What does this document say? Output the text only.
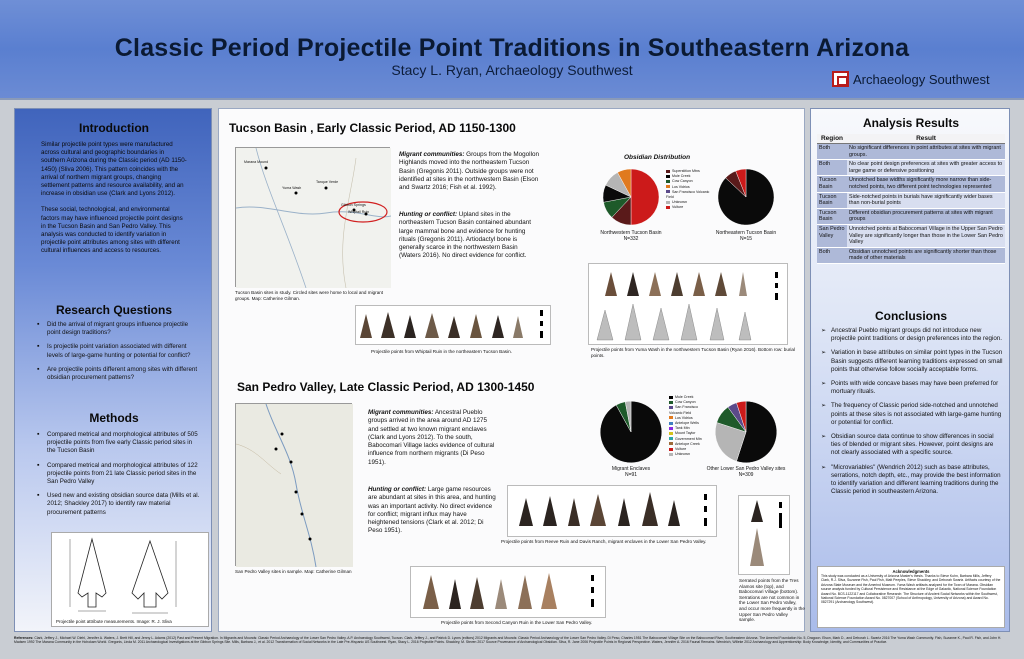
Classic Period Projectile Point Traditions in Southeastern Arizona
Stacy L. Ryan, Archaeology Southwest
Archaeology Southwest
Introduction

Similar projectile point types were manufactured across cultural and geographic boundaries in southern Arizona during the Classic period (AD 1150-1450) (Sliva 2006). This pattern coincides with the arrival of northern migrant groups, changing settlement patterns and resource availability, and an increase in obsidian use (Clark and Lyons 2012).

These social, technological, and environmental factors may have influenced projectile point designs in the Tucson Basin and San Pedro Valley. This analysis was conducted to identify variation in projectile point attributes among sites with different cultural influences and access to resources.

Research Questions
▪ Did the arrival of migrant groups influence projectile point design traditions?
▪ Is projectile point variation associated with different levels of large-game hunting or potential for conflict?
▪ Are projectile points different among sites with different obsidian procurement patterns?
Methods
▪ Compared metrical and morphological attributes of 505 projectile points from five early Classic period sites in the Tucson Basin
▪ Compared metrical and morphological attributes of 122 projectile points from 21 late Classic period sites in the San Pedro Valley
▪ Used new and existing obsidian source data (Mills et al. 2012; Shackley 2017) to identify raw material procurement patterns
Projectile point attribute measurements. Image: R. J. Sliva
Tucson Basin , Early Classic Period, AD 1150-1300
Gibbon Springs
Whiptail Ruin
Marana Mound
Yuma Wash
Tanque Verde
Tucson Basin sites in study. Circled sites were home to local and migrant groups. Map: Catherine Gilman.
Migrant communities: Groups from the Mogollon Highlands moved into the northeastern Tucson Basin (Gregonis 2011). Outside groups were not identified at sites in the northwestern Basin (Elson and Swartz 2016; Fish et al. 1992).
Hunting or conflict: Upland sites in the northeastern Tucson Basin contained abundant large mammal bone and evidence for hunting rituals (Gregonis 2011). Artiodactyl bone is generally scarce in the northwestern Basin (Waters 2016). No direct evidence for conflict.
Obsidian Distribution
Superstition Mtns
Mule Creek
Cow Canyon
Los Vidrios
San Francisco Volcanic Field
Unknown
Vulture
Northwestern Tucson Basin
N=332
Northeastern Tucson Basin
N=15
Projectile points from Whiptail Ruin in the northeastern Tucson Basin.	Projectile points from Yuma Wash in the northwestern Tucson Basin (Ryan 2016). Bottom row: burial points.
San Pedro Valley, Late Classic Period, AD 1300-1450
San Pedro Valley sites in sample. Map: Catherine Gilman
Migrant communities: Ancestral Pueblo groups arrived in the area around AD 1275 and settled at two known migrant enclaves (Clark and Lyons 2012). To the south, Babocomari Village lacks evidence of cultural influence from northern migrants (Di Peso 1951).
Hunting or conflict: Large game resources are abundant at sites in this area, and hunting was an important activity. No direct evidence for conflict; migrant influx may have heightened tensions (Clark et al. 2012; Di Peso 1951).
Mule Creek
Cow Canyon
San Francisco Volcanic Field
Los Vidrios
Antelope Wells
Tank Mtn
Mount Taylor
Government Mtn
Antelope Creek
Vulture
Unknown
Migrant Enclaves
N=91
Other Lower San Pedro Valley sites
N=309
Projectile points from Reeve Ruin and Davis Ranch, migrant enclaves in the Lower San Pedro Valley.
Serrated points from the Tres Alamos site (top), and Babocomari Village (bottom). Serrations are not common in the Lower San Pedro Valley, and occur more frequently in the Upper San Pedro Valley sample.
Projectile points from Second Canyon Ruin in the Lower San Pedro Valley.
Analysis Results
Region	Result
Both	No significant differences in point attributes at sites with migrant groups.
Both	No clear point design preferences at sites with greater access to large game or defensive positioning
Tucson Basin	Unnotched base widths significantly more narrow than side-notched points, two different point technologies represented
Tucson Basin	Side-notched points in burials have significantly wider bases than non-burial points
Tucson Basin	Different obsidian procurement patterns at sites with migrant groups
San Pedro Valley	Unnotched points at Babocomari Village in the Upper San Pedro Valley are significantly longer than those in the Lower San Pedro Valley
Both	Obsidian unnotched points are significantly shorter than those made of other materials
Conclusions
➢ Ancestral Pueblo migrant groups did not introduce new projectile point traditions or design preferences into the region.
➢ Variation in base attributes on similar point types in the Tucson Basin suggests different learning traditions expressed on small points that otherwise follow socially acceptable forms.
➢ Points with wide concave bases may have been preferred for mortuary rituals.
➢ The frequency of Classic period side-notched and unnotched points at these sites is not associated with large-game hunting or potential for conflict.
➢ Obsidian source data continue to show differences in social ties of blended or migrant sites. However, point designs are not clearly associated with a specific source.
➢ "Microvariables" (Wendrich 2012) such as base attributes, serrations, notch depth, etc., may provide the best information to identify variation and different learning traditions during the Classic period in southeastern Arizona.
Acknowledgments
This study was conducted as a University of Arizona Master's thesis. Thanks to Steve Kuhn, Barbara Mills, Jeffery Clark, R.J. Sliva, Suzanne Fish, Paul Fish, Matt Peeples, Steve Shackley, and Deborah Swartz. Artifacts courtesy of the Arizona State Museum and the Amerind Museum. Yuma Wash artifacts analyzed for the Town of Marana. Obsidian source analysis funded by Cultural Persistence and Resistance at the Edge of Galactic, National Science Foundation Award No. BCS-1122117 and Collaborative Research: The Structure of Ancient Social Networks within the Southwest, National Science Foundation Award No. 0827007 (School of Anthropology, University of Arizona) and Award No. 0827291 (Archaeology Southwest).
References: Clark, Jeffery J., Michael W. Diehl, Jennifer A. Waters, J. Brett Hill, and Jenny L. Adams (2012) Past and Present Migration. In Migrants and Mounds: Classic Period Archaeology of the Lower San Pedro Valley. A.P. Archaeology Southwest, Tucson. Clark, Jeffery J., and Patrick D. Lyons (editors) 2012 Migrants and Mounds: Classic Period Archaeology of the Lower San Pedro Valley. Di Peso, Charles 1951 The Babocomari Village Site on the Babocomari River, Southeastern Arizona. The Amerind Foundation No. 5, Dragoon. Elson, Mark D., and Deborah L. Swartz 2016 The Yuma Wash Community. Fish, Suzanne K., Paul R. Fish, and John H. Madsen 1992 The Marana Community in the Hohokam World. Gregonis, Linda M. 2011 Archaeological Investigations at the Gibbon Springs Site. Mills, Barbara J., et al. 2012 Transformation of Social Networks in the Late Pre-Hispanic US Southwest. Ryan, Stacy L. 2016 Projectile Points. Shackley, M. Steven 2017 Source Provenance of Archaeological Obsidian. Sliva, R. Jane 2006 Projectile Points in Regional Perspective. Waters, Jennifer A. 2016 Faunal Remains. Wendrich, Willeke 2012 Archaeology and Apprenticeship: Body Knowledge, Identity, and Communities of Practice.
